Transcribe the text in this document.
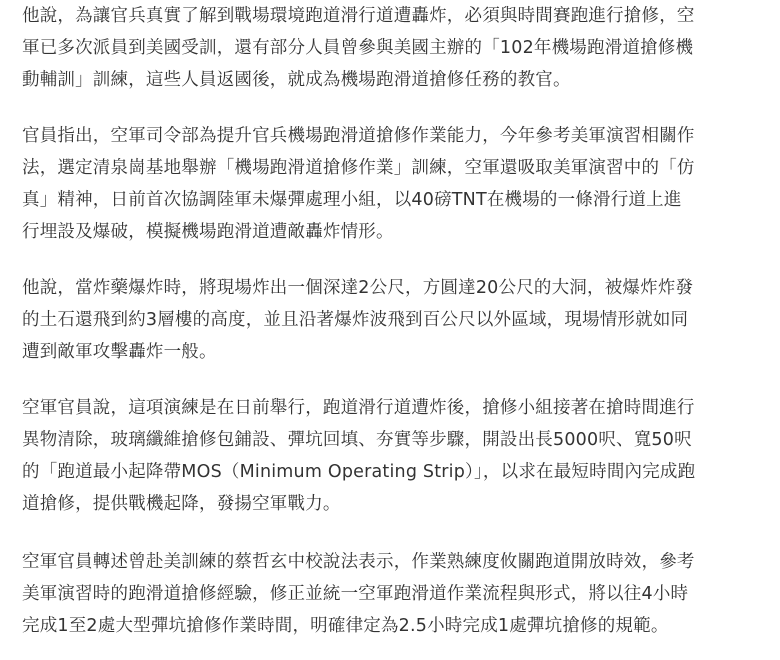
他說，為讓官兵真實了解到戰場環境跑道滑行道遭轟炸，必須與時間賽跑進行搶修，空
軍已多次派員到美國受訓，還有部分人員曾參與美國主辦的「102年機場跑滑道搶修機
動輔訓」訓練，這些人員返國後，就成為機場跑滑道搶修任務的教官。

官員指出，空軍司令部為提升官兵機場跑滑道搶修作業能力，今年參考美軍演習相關作
法，選定清泉崗基地舉辦「機場跑滑道搶修作業」訓練，空軍還吸取美軍演習中的「仿
真」精神，日前首次協調陸軍未爆彈處理小組，以40磅TNT在機場的一條滑行道上進
行埋設及爆破，模擬機場跑滑道遭敵轟炸情形。

他說，當炸藥爆炸時，將現場炸出一個深達2公尺，方圓達20公尺的大洞，被爆炸炸發
的土石還飛到約3層樓的高度，並且沿著爆炸波飛到百公尺以外區域，現場情形就如同
遭到敵軍攻擊轟炸一般。

空軍官員說，這項演練是在日前舉行，跑道滑行道遭炸後，搶修小組接著在搶時間進行
異物清除，玻璃纖維搶修包鋪設、彈坑回填、夯實等步驟，開設出長5000呎、寬50呎
的「跑道最小起降帶MOS（Minimum Operating Strip）」，以求在最短時間內完成跑
道搶修，提供戰機起降，發揚空軍戰力。

空軍官員轉述曾赴美訓練的蔡哲玄中校說法表示，作業熟練度攸關跑道開放時效，參考
美軍演習時的跑滑道搶修經驗，修正並統一空軍跑滑道作業流程與形式，將以往4小時
完成1至2處大型彈坑搶修作業時間，明確律定為2.5小時完成1處彈坑搶修的規範。
